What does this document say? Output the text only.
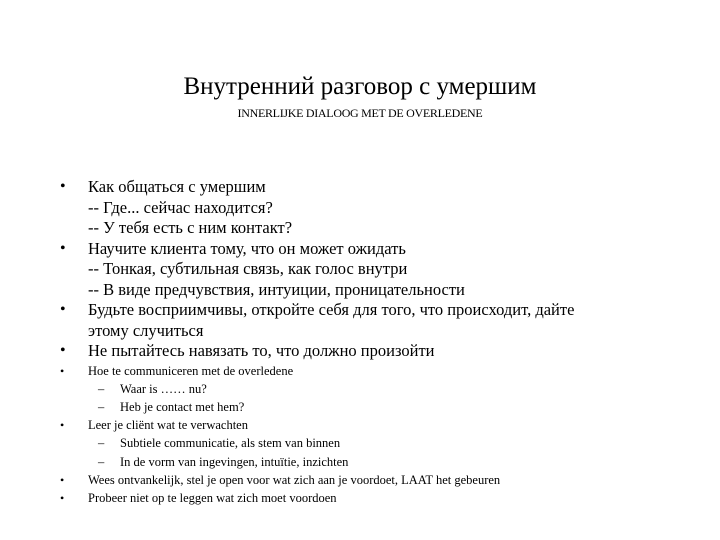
Внутренний разговор с умершим
INNERLIJKE DIALOOG MET DE OVERLEDENE
•	Как общаться с умершим
-- Где... сейчас находится?
-- У тебя есть с ним контакт?
•	Научите клиента тому, что он может ожидать
-- Тонкая, субтильная связь, как голос внутри
-- В виде предчувствия, интуиции, проницательности
•	Будьте восприимчивы, откройте себя для того, что происходит, дайте
этому случиться
•	Не пытайтесь навязать то, что должно произойти
•	Hoe te communiceren met de overledene
– Waar is …… nu?
– Heb je contact met hem?
•	Leer je cliënt wat te verwachten
– Subtiele communicatie, als stem van binnen
– In de vorm van ingevingen, intuïtie, inzichten
•	Wees ontvankelijk, stel je open voor wat zich aan je voordoet, LAAT het gebeuren
•	Probeer niet op te leggen wat zich moet voordoen
